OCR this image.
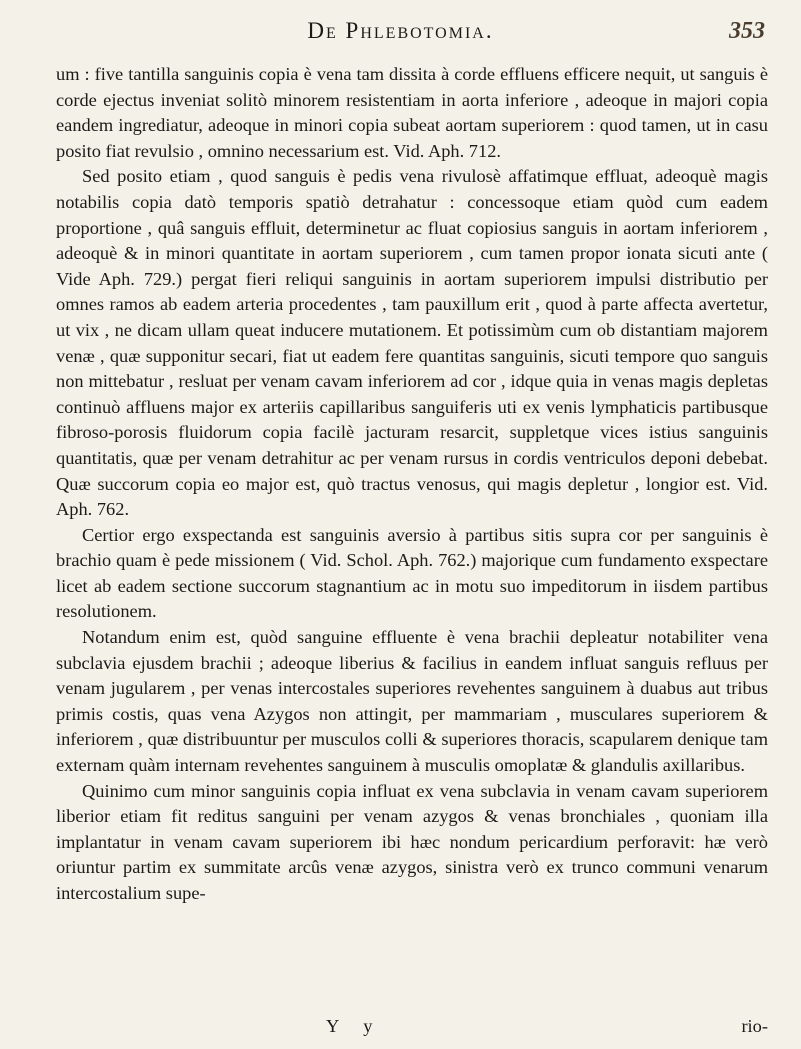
De Phlebotomia.	353

um : five tantilla sanguinis copia è vena tam dissita à corde effluens efficere nequit, ut sanguis è corde ejectus inveniat solitò minorem resistentiam in aorta inferiore , adeoque in majori copia eandem ingrediatur, adeoque in minori copia subeat aortam superiorem : quod tamen, ut in casu posito fiat revulsio , omnino necessarium est. Vid. Aph. 712.

Sed posito etiam , quod sanguis è pedis vena rivulosè affatimque effluat, adeoquè magis notabilis copia datò temporis spatiò detrahatur : concessoque etiam quòd cum eadem proportione , quâ sanguis effluit, determinetur ac fluat copiosius sanguis in aortam inferiorem , adeoquè & in minori quantitate in aortam superiorem , cum tamen propor ionata sicuti ante ( Vide Aph. 729.) pergat fieri reliqui sanguinis in aortam superiorem impulsi distributio per omnes ramos ab eadem arteria procedentes , tam pauxillum erit , quod à parte affecta avertetur, ut vix , ne dicam ullam queat inducere mutationem. Et potissimùm cum ob distantiam majorem venæ , quæ supponitur secari, fiat ut eadem fere quantitas sanguinis, sicuti tempore quo sanguis non mittebatur , resluat per venam cavam inferiorem ad cor , idque quia in venas magis depletas continuò affluens major ex arteriis capillaribus sanguiferis uti ex venis lymphaticis partibusque fibroso-porosis fluidorum copia facilè jacturam resarcit, suppletque vices istius sanguinis quantitatis, quæ per venam detrahitur ac per venam rursus in cordis ventriculos deponi debebat. Quæ succorum copia eo major est, quò tractus venosus, qui magis depletur , longior est. Vid. Aph. 762.

Certior ergo exspectanda est sanguinis aversio à partibus sitis supra cor per sanguinis è brachio quam è pede missionem ( Vid. Schol. Aph. 762.) majorique cum fundamento exspectare licet ab eadem sectione succorum stagnantium ac in motu suo impeditorum in iisdem partibus resolutionem.

Notandum enim est, quòd sanguine effluente è vena brachii depleatur notabiliter vena subclavia ejusdem brachii ; adeoque liberius & facilius in eandem influat sanguis refluus per venam jugularem , per venas intercostales superiores revehentes sanguinem à duabus aut tribus primis costis, quas vena Azygos non attingit, per mammariam , musculares superiorem & inferiorem , quæ distribuuntur per musculos colli & superiores thoracis, scapularem denique tam externam quàm internam revehentes sanguinem à musculis omoplatæ & glandulis axillaribus.

Quinimo cum minor sanguinis copia influat ex vena subclavia in venam cavam superiorem liberior etiam fit reditus sanguini per venam azygos & venas bronchiales , quoniam illa implantatur in venam cavam superiorem ibi hæc nondum pericardium perforavit: hæ verò oriuntur partim ex summitate arcûs venæ azygos, sinistra verò ex trunco communi venarum intercostalium supe-

Y y	rio-
